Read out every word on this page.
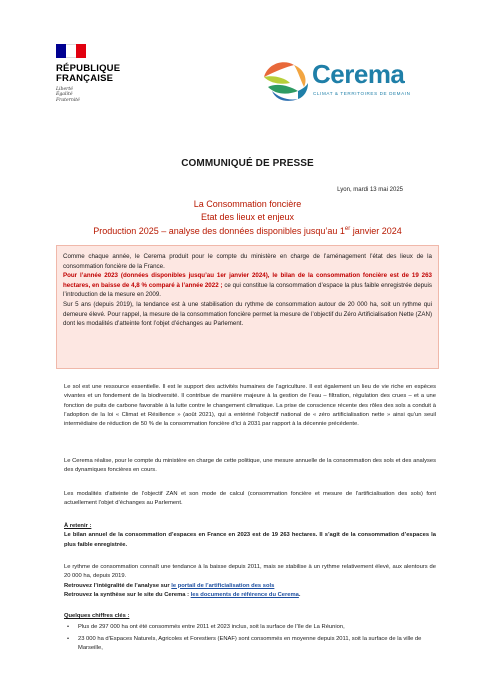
RÉPUBLIQUE
FRANÇAISE
Liberté
Égalité
Fraternité
Cerema
CLIMAT & TERRITOIRES DE DEMAIN
COMMUNIQUÉ DE PRESSE
Lyon, mardi 13 mai 2025
La Consommation foncière
Etat des lieux et enjeux
Production 2025 – analyse des données disponibles jusqu’au 1er janvier 2024

Comme chaque année, le Cerema produit pour le compte du ministère en charge de l’aménagement l’état des lieux de la consommation foncière de la France.

Pour l’année 2023 (données disponibles jusqu’au 1er janvier 2024), le bilan de la consommation foncière est de 19 263 hectares, en baisse de 4,8 % comparé à l’année 2022 ; ce qui constitue la consommation d’espace la plus faible enregistrée depuis l’introduction de la mesure en 2009.

Sur 5 ans (depuis 2019), la tendance est à une stabilisation du rythme de consommation autour de 20 000 ha, soit un rythme qui demeure élevé. Pour rappel, la mesure de la consommation foncière permet la mesure de l’objectif du Zéro Artificialisation Nette (ZAN) dont les modalités d’atteinte font l’objet d’échanges au Parlement.

Le sol est une ressource essentielle. Il est le support des activités humaines de l’agriculture. Il est également un lieu de vie riche en espèces vivantes et un fondement de la biodiversité. Il contribue de manière majeure à la gestion de l’eau – filtration, régulation des crues – et a une fonction de puits de carbone favorable à la lutte contre le changement climatique. La prise de conscience récente des rôles des sols a conduit à l’adoption de la loi « Climat et Résilience » (août 2021), qui a entériné l’objectif national de « zéro artificialisation nette » ainsi qu’un seuil intermédiaire de réduction de 50 % de la consommation foncière d’ici à 2031 par rapport à la décennie précédente.

Le Cerema réalise, pour le compte du ministère en charge de cette politique, une mesure annuelle de la consommation des sols et des analyses des dynamiques foncières en cours.

Les modalités d’atteinte de l’objectif ZAN et son mode de calcul (consommation foncière et mesure de l’artificialisation des sols) font actuellement l’objet d’échanges au Parlement.

À retenir :

Le bilan annuel de la consommation d’espaces en France en 2023 est de 19 263 hectares. Il s’agit de la consommation d’espaces la plus faible enregistrée.

Le rythme de consommation connaît une tendance à la baisse depuis 2011, mais se stabilise à un rythme relativement élevé, aux alentours de 20 000 ha, depuis 2019.

Retrouvez l’intégralité de l’analyse sur le portail de l’artificialisation des sols

Retrouvez la synthèse sur le site du Cerema : les documents de référence du Cerema.

Quelques chiffres clés :

• Plus de 297 000 ha ont été consommés entre 2011 et 2023 inclus, soit la surface de l’île de La Réunion,
• 23 000 ha d’Espaces Naturels, Agricoles et Forestiers (ENAF) sont consommés en moyenne depuis 2011, soit la surface de la ville de Marseille,
